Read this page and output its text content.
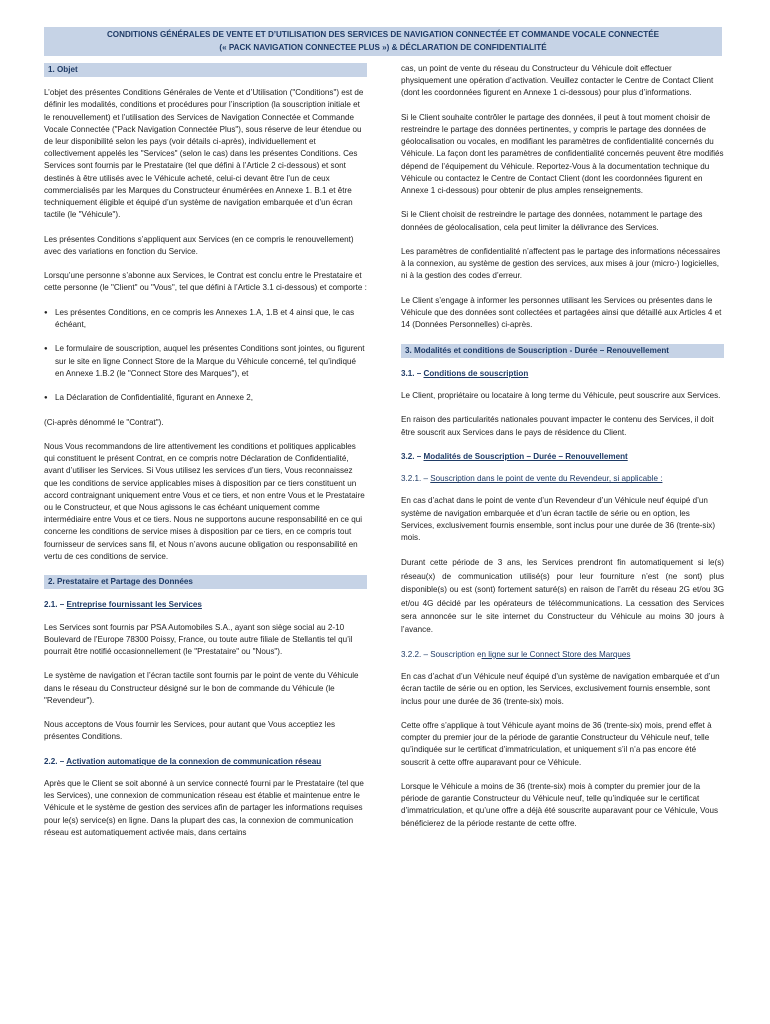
CONDITIONS GÉNÉRALES DE VENTE ET D’UTILISATION DES SERVICES DE NAVIGATION CONNECTÉE ET COMMANDE VOCALE CONNECTÉE
(« PACK NAVIGATION CONNECTEE PLUS ») & DÉCLARATION DE CONFIDENTIALITÉ
1. Objet

L’objet des présentes Conditions Générales de Vente et d’Utilisation ("Conditions") est de définir les modalités, conditions et procédures pour l’inscription (la souscription initiale et le renouvellement) et l’utilisation des Services de Navigation Connectée et Commande Vocale Connectée ("Pack Navigation Connectée Plus"), sous réserve de leur étendue ou de leur disponibilité selon les pays (voir détails ci-après), individuellement et collectivement appelés les "Services" (selon le cas) dans les présentes Conditions. Ces Services sont fournis par le Prestataire (tel que défini à l’Article 2 ci-dessous) et sont destinés à être utilisés avec le Véhicule acheté, celui-ci devant être l’un de ceux commercialisés par les Marques du Constructeur énumérées en Annexe 1. B.1 et être techniquement éligible et équipé d’un système de navigation embarquée et d’un écran tactile (le "Véhicule").

Les présentes Conditions s’appliquent aux Services (en ce compris le renouvellement) avec des variations en fonction du Service.

Lorsqu’une personne s’abonne aux Services, le Contrat est conclu entre le Prestataire et cette personne (le "Client" ou "Vous", tel que défini à l’Article 3.1 ci-dessous) et comporte :

● Les présentes Conditions, en ce compris les Annexes 1.A, 1.B et 4 ainsi que, le cas échéant,
● Le formulaire de souscription, auquel les présentes Conditions sont jointes, ou figurent sur le site en ligne Connect Store de la Marque du Véhicule concerné, tel qu’indiqué en Annexe 1.B.2 (le "Connect Store des Marques"), et
● La Déclaration de Confidentialité, figurant en Annexe 2,

(Ci-après dénommé le "Contrat").

Nous Vous recommandons de lire attentivement les conditions et politiques applicables qui constituent le présent Contrat, en ce compris notre Déclaration de Confidentialité, avant d’utiliser les Services. Si Vous utilisez les services d’un tiers, Vous reconnaissez que les conditions de service applicables mises à disposition par ce tiers constituent un accord contraignant uniquement entre Vous et ce tiers, et non entre Vous et le Prestataire ou le Constructeur, et que Nous agissons le cas échéant uniquement comme intermédiaire entre Vous et ce tiers. Nous ne supportons aucune responsabilité en ce qui concerne les conditions de service mises à disposition par ce tiers, en ce compris tout fournisseur de services sans fil, et Nous n’avons aucune obligation ou responsabilité en vertu de ces conditions de service.

2. Prestataire et Partage des Données
2.1. – Entreprise fournissant les Services

Les Services sont fournis par PSA Automobiles S.A., ayant son siège social au 2-10 Boulevard de l’Europe 78300 Poissy, France, ou toute autre filiale de Stellantis tel qu’il pourrait être notifié occasionnellement (le "Prestataire" ou "Nous").

Le système de navigation et l’écran tactile sont fournis par le point de vente du Véhicule dans le réseau du Constructeur désigné sur le bon de commande du Véhicule (le "Revendeur").

Nous acceptons de Vous fournir les Services, pour autant que Vous acceptiez les présentes Conditions.

2.2. – Activation automatique de la connexion de communication réseau

Après que le Client se soit abonné à un service connecté fourni par le Prestataire (tel que les Services), une connexion de communication réseau est établie et maintenue entre le Véhicule et le système de gestion des services afin de partager les informations requises pour le(s) service(s) en ligne. Dans la plupart des cas, la connexion de communication réseau est automatiquement activée mais, dans certains

cas, un point de vente du réseau du Constructeur du Véhicule doit effectuer physiquement une opération d’activation. Veuillez contacter le Centre de Contact Client (dont les coordonnées figurent en Annexe 1 ci-dessous) pour plus d’informations.

Si le Client souhaite contrôler le partage des données, il peut à tout moment choisir de restreindre le partage des données pertinentes, y compris le partage des données de géolocalisation ou vocales, en modifiant les paramètres de confidentialité concernés du Véhicule. La façon dont les paramètres de confidentialité concernés peuvent être modifiés dépend de l’équipement du Véhicule. Reportez-Vous à la documentation technique du Véhicule ou contactez le Centre de Contact Client (dont les coordonnées figurent en Annexe 1 ci-dessous) pour obtenir de plus amples renseignements.

Si le Client choisit de restreindre le partage des données, notamment le partage des données de géolocalisation, cela peut limiter la délivrance des Services.

Les paramètres de confidentialité n’affectent pas le partage des informations nécessaires à la connexion, au système de gestion des services, aux mises à jour (micro-) logicielles, ni à la gestion des codes d’erreur.

Le Client s’engage à informer les personnes utilisant les Services ou présentes dans le Véhicule que des données sont collectées et partagées ainsi que détaillé aux Articles 4 et 14 (Données Personnelles) ci-après.

3. Modalités et conditions de Souscription - Durée – Renouvellement
3.1. – Conditions de souscription

Le Client, propriétaire ou locataire à long terme du Véhicule, peut souscrire aux Services.

En raison des particularités nationales pouvant impacter le contenu des Services, il doit être souscrit aux Services dans le pays de résidence du Client.

3.2. – Modalités de Souscription – Durée – Renouvellement
3.2.1. – Souscription dans le point de vente du Revendeur, si applicable :

En cas d’achat dans le point de vente d’un Revendeur d’un Véhicule neuf équipé d’un système de navigation embarquée et d’un écran tactile de série ou en option, les Services, exclusivement fournis ensemble, sont inclus pour une durée de 36 (trente-six) mois.

Durant cette période de 3 ans, les Services prendront fin automatiquement si le(s) réseau(x) de communication utilisé(s) pour leur fourniture n’est (ne sont) plus disponible(s) ou est (sont) fortement saturé(s) en raison de l’arrêt du réseau 2G et/ou 3G et/ou 4G décidé par les opérateurs de télécommunications. La cessation des Services sera annoncée sur le site internet du Constructeur du Véhicule au moins 30 jours à l’avance.

3.2.2. – Souscription en ligne sur le Connect Store des Marques

En cas d’achat d’un Véhicule neuf équipé d’un système de navigation embarquée et d’un écran tactile de série ou en option, les Services, exclusivement fournis ensemble, sont inclus pour une durée de 36 (trente-six) mois.

Cette offre s’applique à tout Véhicule ayant moins de 36 (trente-six) mois, prend effet à compter du premier jour de la période de garantie Constructeur du Véhicule neuf, telle qu’indiquée sur le certificat d’immatriculation, et uniquement s’il n’a pas encore été souscrit à cette offre auparavant pour ce Véhicule.

Lorsque le Véhicule a moins de 36 (trente-six) mois à compter du premier jour de la période de garantie Constructeur du Véhicule neuf, telle qu’indiquée sur le certificat d’immatriculation, et qu’une offre a déjà été souscrite auparavant pour ce Véhicule, Vous bénéficierez de la période restante de cette offre.
